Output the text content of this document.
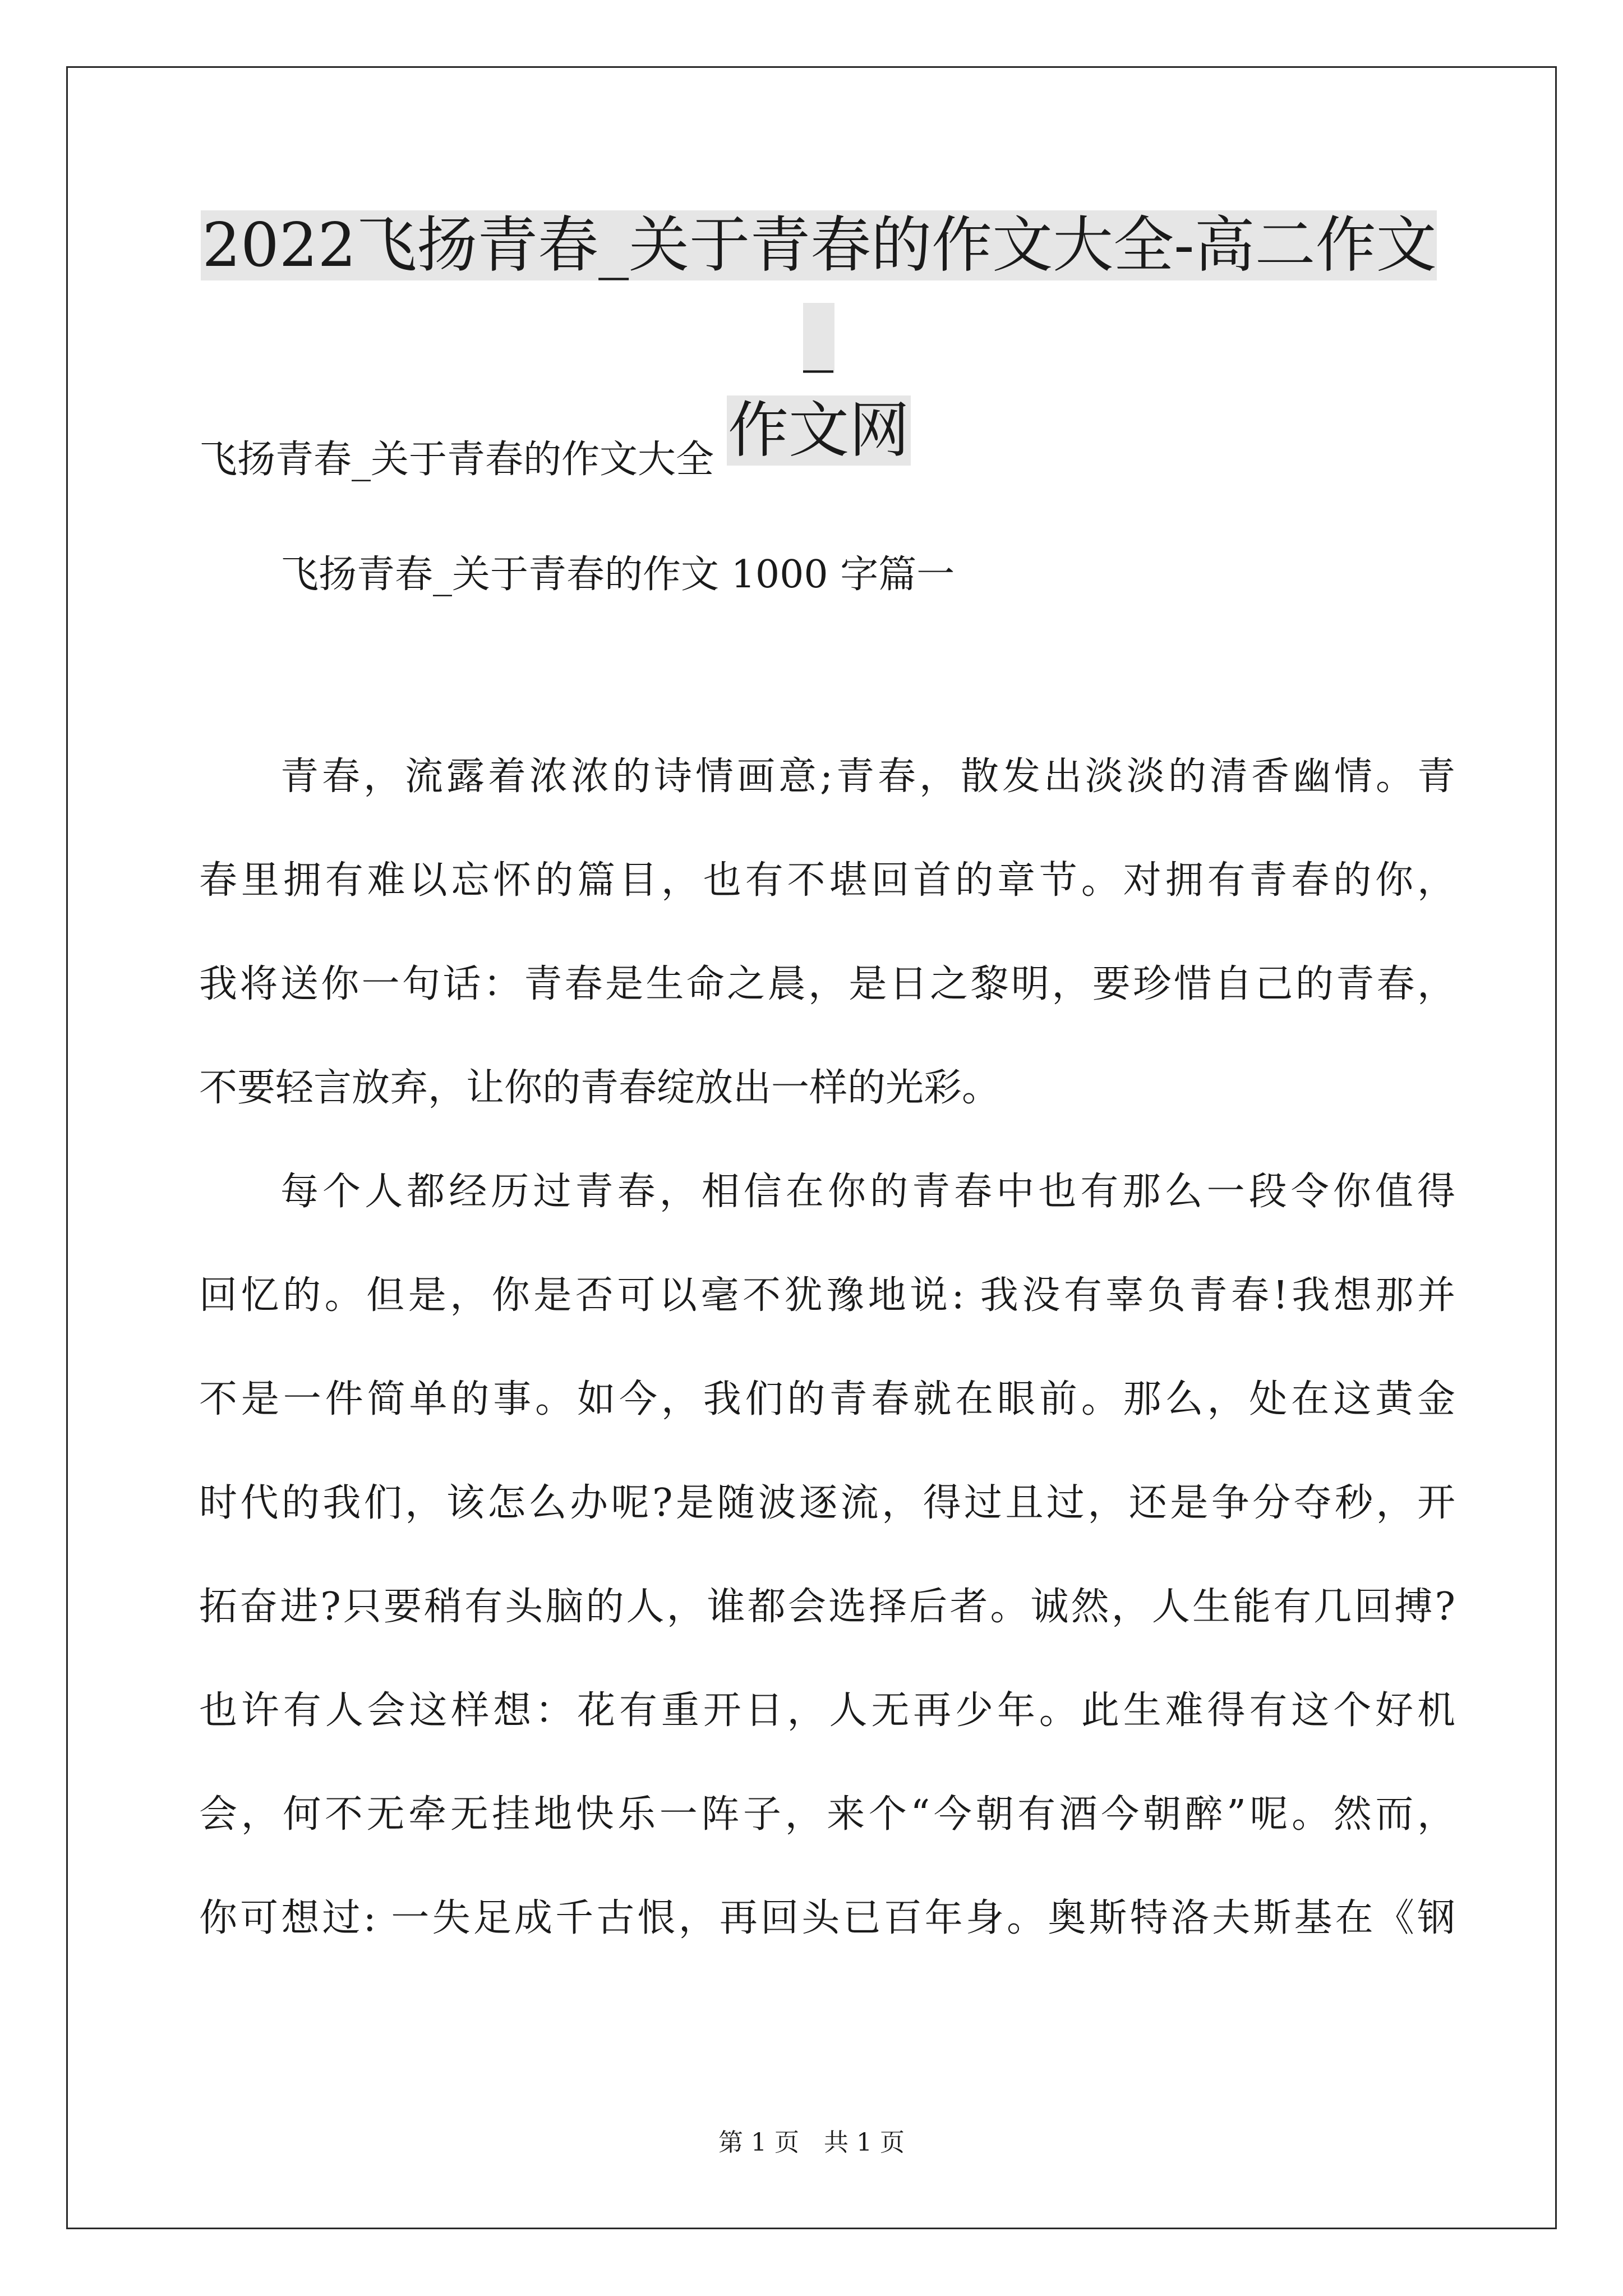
2022飞扬青春_关于青春的作文大全-高二作文_
作文网

飞扬青春_关于青春的作文大全

飞扬青春_关于青春的作文 1000 字篇一

青春，流露着浓浓的诗情画意;青春，散发出淡淡的清香幽情。青
春里拥有难以忘怀的篇目，也有不堪回首的章节。对拥有青春的你，
我将送你一句话：青春是生命之晨，是日之黎明，要珍惜自己的青春，
不要轻言放弃，让你的青春绽放出一样的光彩。
每个人都经历过青春，相信在你的青春中也有那么一段令你值得
回忆的。但是，你是否可以毫不犹豫地说: 我没有辜负青春!我想那并
不是一件简单的事。如今，我们的青春就在眼前。那么，处在这黄金
时代的我们，该怎么办呢?是随波逐流，得过且过，还是争分夺秒，开
拓奋进?只要稍有头脑的人，谁都会选择后者。诚然，人生能有几回搏?
也许有人会这样想：花有重开日，人无再少年。此生难得有这个好机
会，何不无牵无挂地快乐一阵子，来个“今朝有酒今朝醉”呢。然而，
你可想过: 一失足成千古恨，再回头已百年身。奥斯特洛夫斯基在《钢

第 1 页　共 1 页
